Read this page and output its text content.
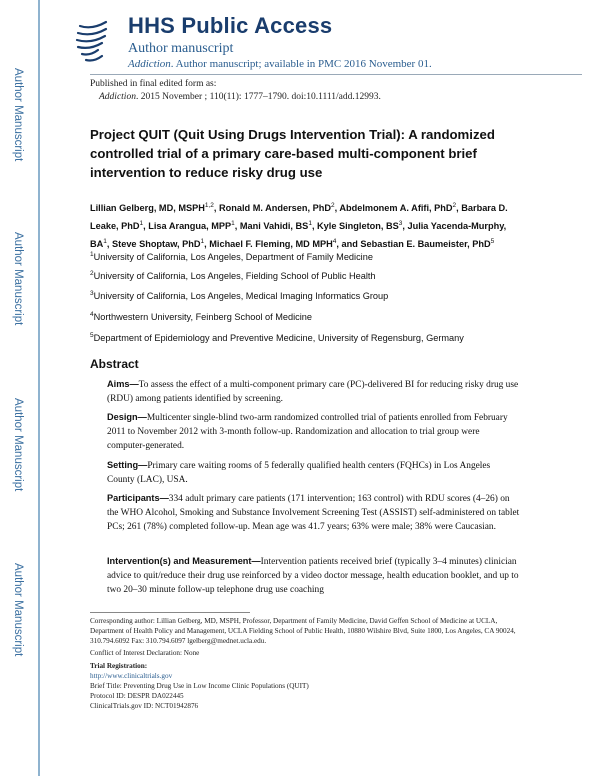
Author Manuscript
Author Manuscript
Author Manuscript
Author Manuscript
HHS Public Access
Author manuscript
Addiction. Author manuscript; available in PMC 2016 November 01.
Published in final edited form as:
Addiction. 2015 November ; 110(11): 1777–1790. doi:10.1111/add.12993.
Project QUIT (Quit Using Drugs Intervention Trial): A randomized controlled trial of a primary care-based multi-component brief intervention to reduce risky drug use
Lillian Gelberg, MD, MSPH$^{1,2}$, Ronald M. Andersen, PhD$^2$, Abdelmonem A. Afifi, PhD$^2$, Barbara D. Leake, PhD$^1$, Lisa Arangua, MPP$^1$, Mani Vahidi, $BS^1$, Kyle Singleton, $BS^3$, Julia Yacenda-Murphy, $BA^1$, Steve Shoptaw, PhD$^1$, Michael F. Fleming, MD MPH$^4$, and Sebastian E. Baumeister, PhD$^5$
$^1$University of California, Los Angeles, Department of Family Medicine
$^2$University of California, Los Angeles, Fielding School of Public Health
$^3$University of California, Los Angeles, Medical Imaging Informatics Group
$^4$Northwestern University, Feinberg School of Medicine
$^5$Department of Epidemiology and Preventive Medicine, University of Regensburg, Germany
Abstract
Aims—To assess the effect of a multi-component primary care (PC)-delivered BI for reducing risky drug use (RDU) among patients identified by screening.
Design—Multicenter single-blind two-arm randomized controlled trial of patients enrolled from February 2011 to November 2012 with 3-month follow-up. Randomization and allocation to trial group were computer-generated.
Setting—Primary care waiting rooms of 5 federally qualified health centers (FQHCs) in Los Angeles County (LAC), USA.
Participants—334 adult primary care patients (171 intervention; 163 control) with RDU scores (4–26) on the WHO Alcohol, Smoking and Substance Involvement Screening Test (ASSIST) self-administered on tablet PCs; 261 (78%) completed follow-up. Mean age was 41.7 years; 63% were male; 38% were Caucasian.
Intervention(s) and Measurement—Intervention patients received brief (typically 3–4 minutes) clinician advice to quit/reduce their drug use reinforced by a video doctor message, health education booklet, and up to two 20–30 minute follow-up telephone drug use coaching
Corresponding author: Lillian Gelberg, MD, MSPH, Professor, Department of Family Medicine, David Geffen School of Medicine at UCLA, Department of Health Policy and Management, UCLA Fielding School of Public Health, 10880 Wilshire Blvd, Suite 1800, Los Angeles, CA 90024, 310.794.6092 Fax: 310.794.6097 lgelberg@mednet.ucla.edu.
Conflict of Interest Declaration: None
Trial Registration:
http://www.clinicaltrials.gov
Brief Title: Preventing Drug Use in Low Income Clinic Populations (QUIT)
Protocol ID: DESPR DA022445
ClinicalTrials.gov ID: NCT01942876
